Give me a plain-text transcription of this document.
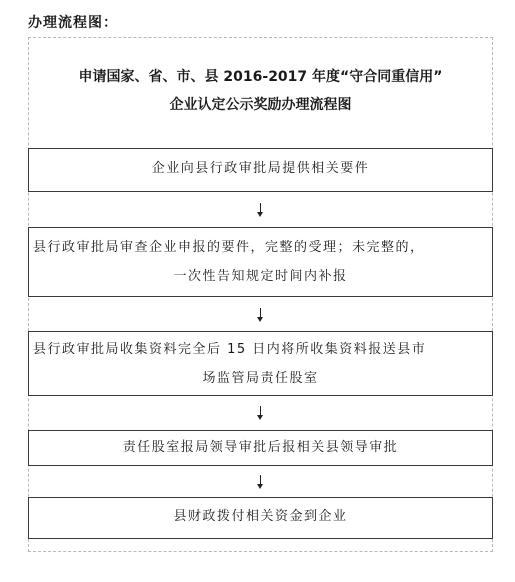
办理流程图：
申请国家、省、市、县 2016-2017 年度“守合同重信用”
企业认定公示奖励办理流程图
企业向县行政审批局提供相关要件
县行政审批局审查企业申报的要件，完整的受理；未完整的，
一次性告知规定时间内补报
县行政审批局收集资料完全后 15 日内将所收集资料报送县市
场监管局责任股室
责任股室报局领导审批后报相关县领导审批
县财政拨付相关资金到企业
